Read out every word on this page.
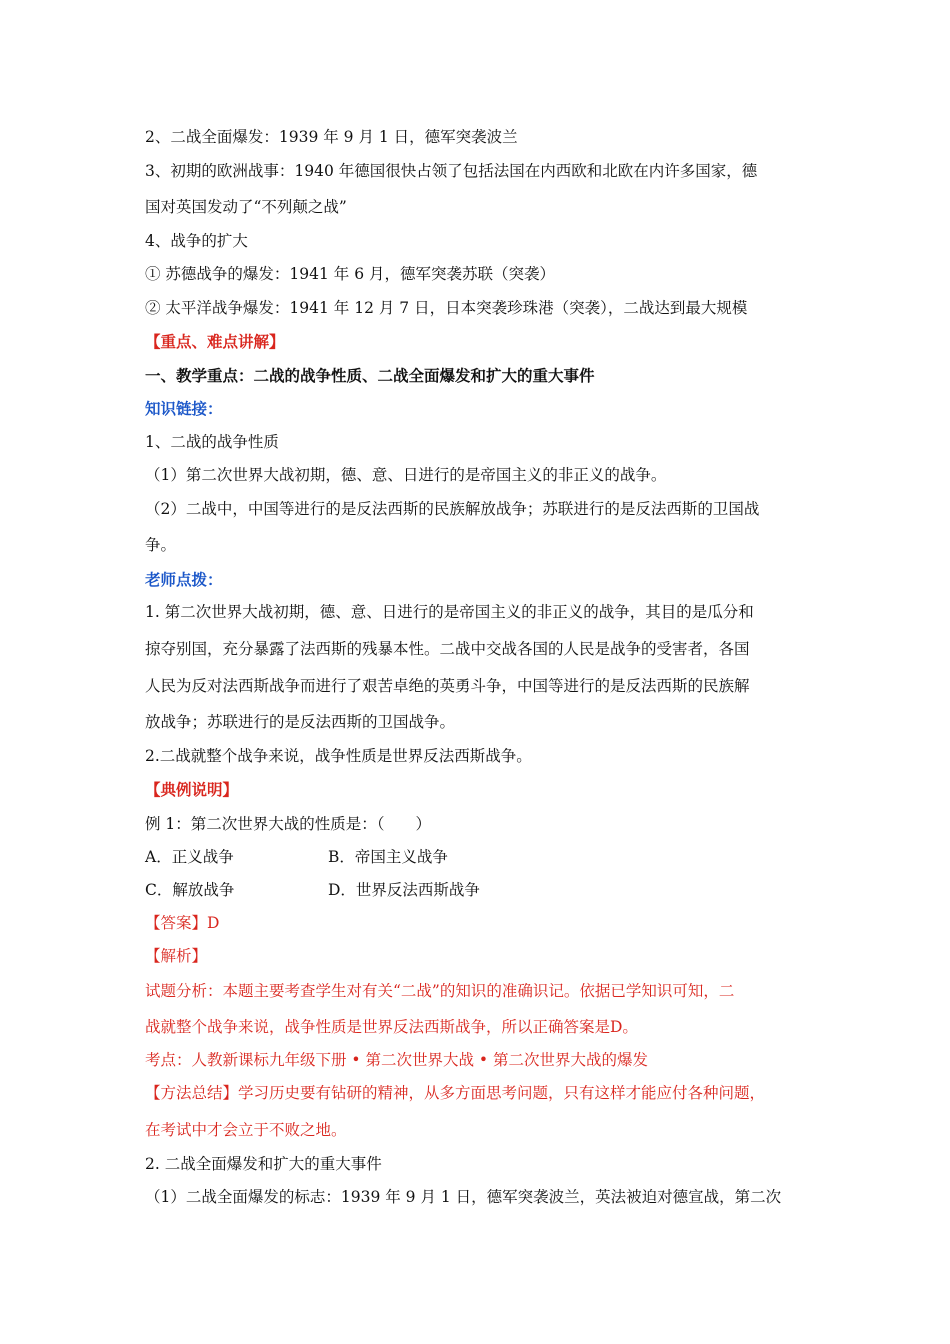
2、二战全面爆发：1939 年 9 月 1 日，德军突袭波兰
3、初期的欧洲战事：1940 年德国很快占领了包括法国在内西欧和北欧在内许多国家，德
国对英国发动了“不列颠之战”
4、战争的扩大
① 苏德战争的爆发：1941 年 6 月，德军突袭苏联（突袭）
② 太平洋战争爆发：1941 年 12 月 7 日，日本突袭珍珠港（突袭），二战达到最大规模
【重点、难点讲解】
一、教学重点：二战的战争性质、二战全面爆发和扩大的重大事件
知识链接：
1、二战的战争性质
（1）第二次世界大战初期，德、意、日进行的是帝国主义的非正义的战争。
（2）二战中，中国等进行的是反法西斯的民族解放战争；苏联进行的是反法西斯的卫国战
争。
老师点拨：
1. 第二次世界大战初期，德、意、日进行的是帝国主义的非正义的战争，其目的是瓜分和
掠夺别国，充分暴露了法西斯的残暴本性。二战中交战各国的人民是战争的受害者，各国
人民为反对法西斯战争而进行了艰苦卓绝的英勇斗争，中国等进行的是反法西斯的民族解
放战争；苏联进行的是反法西斯的卫国战争。
2.二战就整个战争来说，战争性质是世界反法西斯战争。
【典例说明】
例 1：第二次世界大战的性质是：（　　）
A．正义战争	B．帝国主义战争
C．解放战争	D．世界反法西斯战争
【答案】D
【解析】
试题分析：本题主要考查学生对有关“二战”的知识的准确识记。依据已学知识可知，二
战就整个战争来说，战争性质是世界反法西斯战争，所以正确答案是D。
考点：人教新课标九年级下册 • 第二次世界大战 • 第二次世界大战的爆发
【方法总结】学习历史要有钻研的精神，从多方面思考问题，只有这样才能应付各种问题，
在考试中才会立于不败之地。
2. 二战全面爆发和扩大的重大事件
（1）二战全面爆发的标志：1939 年 9 月 1 日，德军突袭波兰，英法被迫对德宣战，第二次
